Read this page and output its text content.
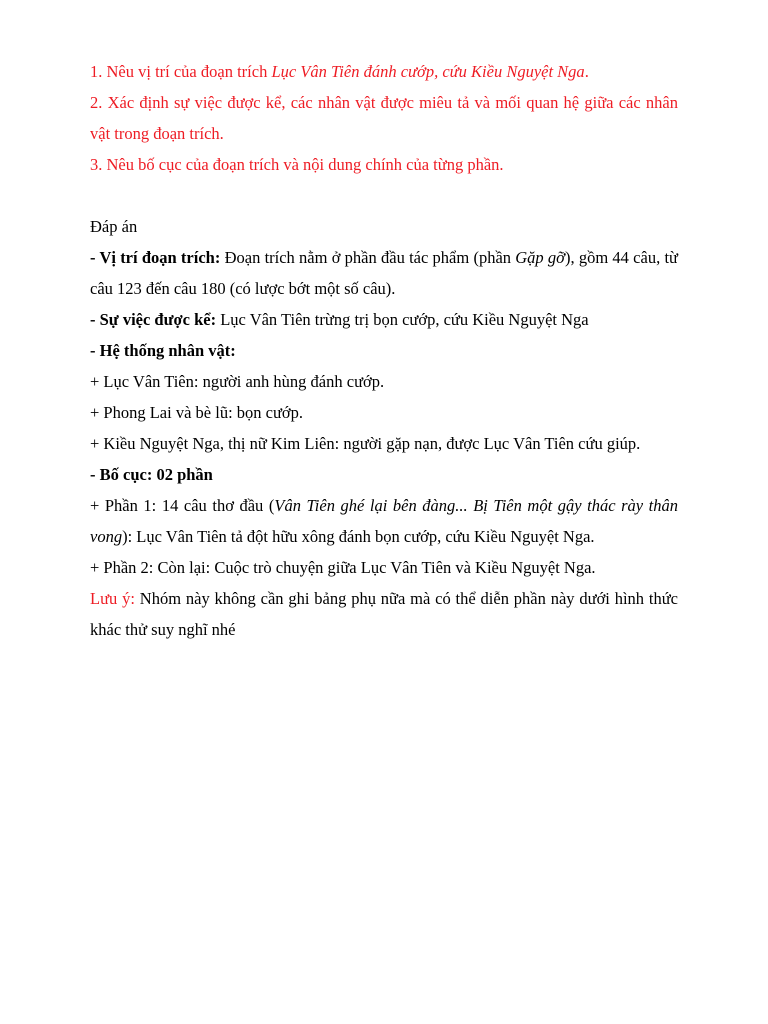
1. Nêu vị trí của đoạn trích Lục Vân Tiên đánh cướp, cứu Kiều Nguyệt Nga.

2. Xác định sự việc được kể, các nhân vật được miêu tả và mối quan hệ giữa các nhân vật trong đoạn trích.

3. Nêu bố cục của đoạn trích và nội dung chính của từng phần.

Đáp án

- Vị trí đoạn trích: Đoạn trích nằm ở phần đầu tác phẩm (phần Gặp gỡ), gồm 44 câu, từ câu 123 đến câu 180 (có lược bớt một số câu).

- Sự việc được kể: Lục Vân Tiên trừng trị bọn cướp, cứu Kiều Nguyệt Nga

- Hệ thống nhân vật:

+ Lục Vân Tiên: người anh hùng đánh cướp.

+ Phong Lai và bè lũ: bọn cướp.

+ Kiều Nguyệt Nga, thị nữ Kim Liên: người gặp nạn, được Lục Vân Tiên cứu giúp.

- Bố cục: 02 phần

+ Phần 1: 14 câu thơ đầu (Vân Tiên ghé lại bên đàng... Bị Tiên một gậy thác rày thân vong): Lục Vân Tiên tả đột hữu xông đánh bọn cướp, cứu Kiều Nguyệt Nga.

+ Phần 2: Còn lại: Cuộc trò chuyện giữa Lục Vân Tiên và Kiều Nguyệt Nga.

Lưu ý: Nhóm này không cần ghi bảng phụ nữa mà có thể diễn phần này dưới hình thức khác thử suy nghĩ nhé
